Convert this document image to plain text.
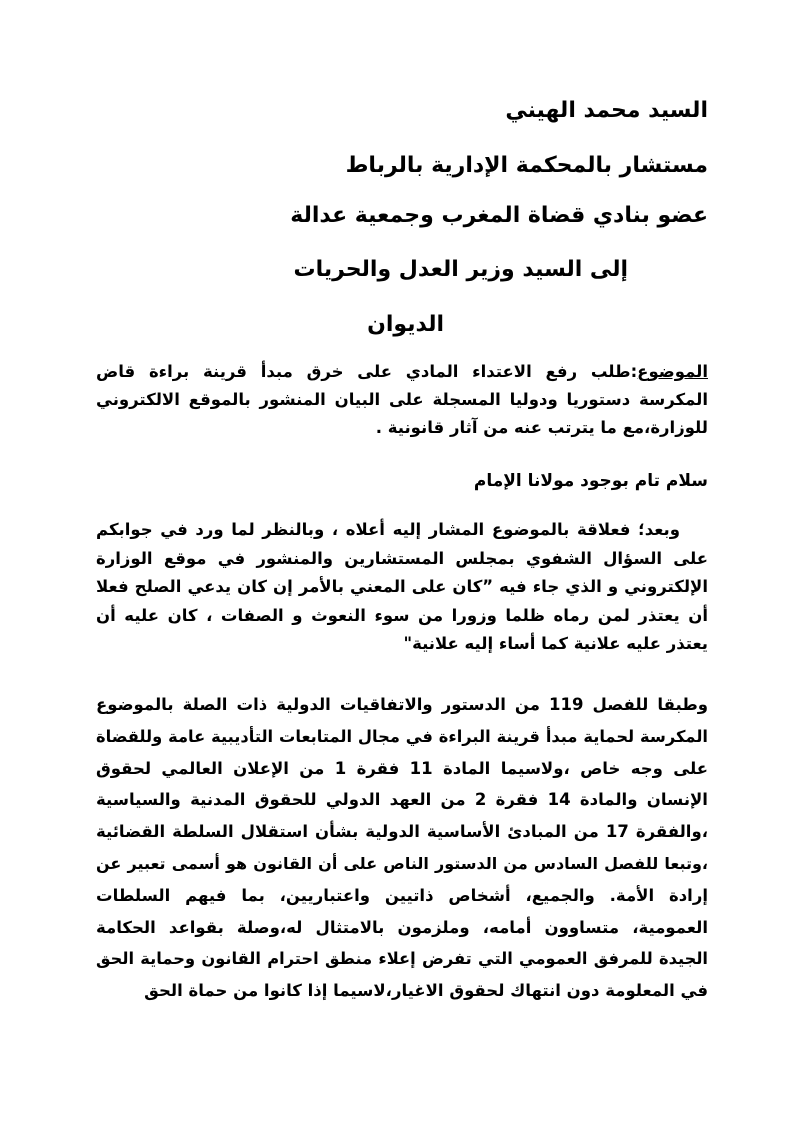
السيد محمد الهيني
مستشار بالمحكمة الإدارية بالرباط
عضو بنادي قضاة المغرب وجمعية عدالة
إلى السيد وزير العدل والحريات
الديوان
الموضوع:طلب رفع الاعتداء المادي على خرق مبدأ قرينة براءة قاض
المكرسة دستوريا ودوليا المسجلة على البيان المنشور بالموقع الالكتروني
للوزارة،مع ما يترتب عنه من آثار قانونية .
سلام تام بوجود مولانا الإمام
وبعد؛ فعلاقة بالموضوع المشار إليه أعلاه ، وبالنظر لما ورد في جوابكم
على السؤال الشفوي بمجلس المستشارين والمنشور في موقع الوزارة
الإلكتروني و الذي جاء فيه ”كان على المعني بالأمر إن كان يدعي الصلح فعلا
أن يعتذر لمن رماه ظلما وزورا من سوء النعوث و الصفات ، كان عليه أن
يعتذر عليه علانية كما أساء إليه علانية"
وطبقا للفصل 119 من الدستور والاتفاقيات الدولية ذات الصلة بالموضوع
المكرسة لحماية مبدأ قرينة البراءة في مجال المتابعات التأديبية عامة وللقضاة
على وجه خاص ،ولاسيما المادة 11 فقرة 1 من الإعلان العالمي لحقوق
الإنسان والمادة 14 فقرة 2 من العهد الدولي للحقوق المدنية والسياسية
،والفقرة 17 من المبادئ الأساسية الدولية بشأن استقلال السلطة القضائية
،وتبعا للفصل السادس من الدستور الناص على أن القانون هو أسمى تعبير عن
إرادة الأمة. والجميع، أشخاص ذاتيين واعتباريين، بما فيهم السلطات
العمومية، متساوون أمامه، وملزمون بالامتثال له،وصلة بقواعد الحكامة
الجيدة للمرفق العمومي التي تفرض إعلاء منطق احترام القانون وحماية الحق
في المعلومة دون انتهاك لحقوق الاغيار،لاسيما إذا كانوا من حماة الحق
